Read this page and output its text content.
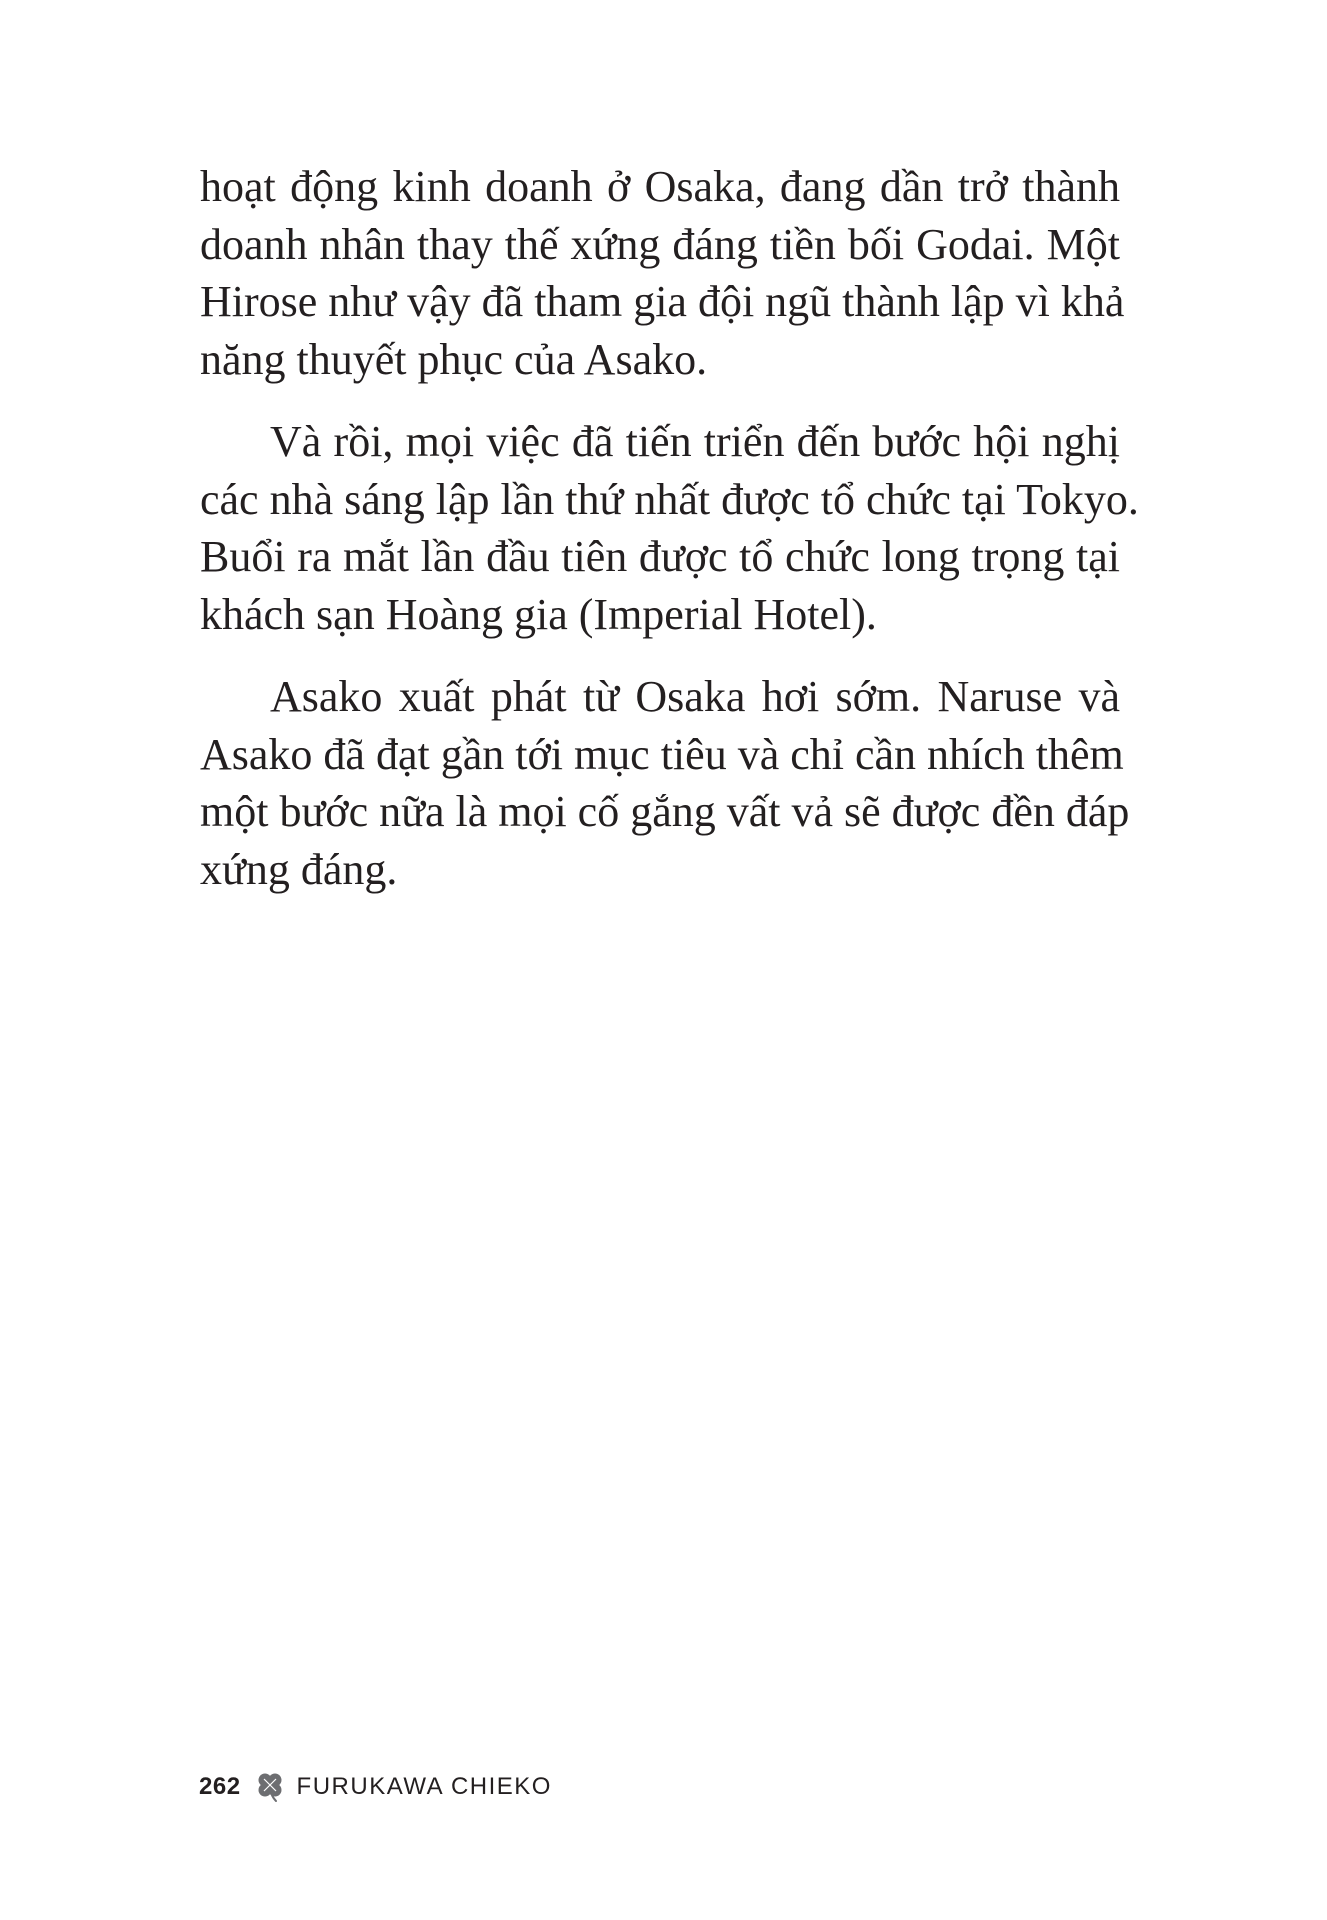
hoạt động kinh doanh ở Osaka, đang dần trở thành
doanh nhân thay thế xứng đáng tiền bối Godai. Một
Hirose như vậy đã tham gia đội ngũ thành lập vì khả
năng thuyết phục của Asako.

Và rồi, mọi việc đã tiến triển đến bước hội nghị
các nhà sáng lập lần thứ nhất được tổ chức tại Tokyo.
Buổi ra mắt lần đầu tiên được tổ chức long trọng tại
khách sạn Hoàng gia (Imperial Hotel).

Asako xuất phát từ Osaka hơi sớm. Naruse và
Asako đã đạt gần tới mục tiêu và chỉ cần nhích thêm
một bước nữa là mọi cố gắng vất vả sẽ được đền đáp
xứng đáng.

262 FURUKAWA CHIEKO
